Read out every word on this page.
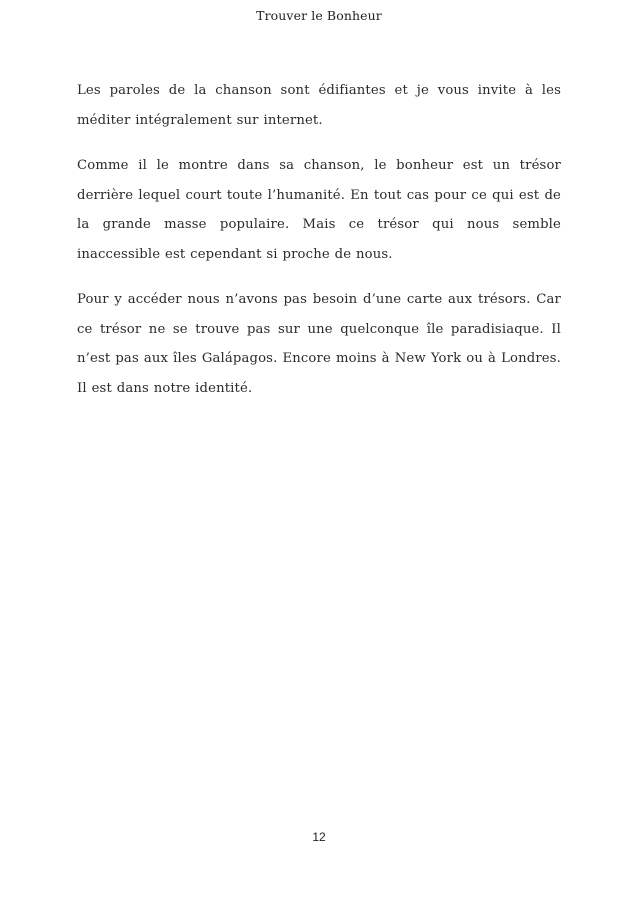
Trouver le Bonheur

Les paroles de la chanson sont édifiantes et je vous invite à les méditer intégralement sur internet.

Comme il le montre dans sa chanson, le bonheur est un trésor derrière lequel court toute l’humanité. En tout cas pour ce qui est de la grande masse populaire. Mais ce trésor qui nous semble inaccessible est cependant si proche de nous.

Pour y accéder nous n’avons pas besoin d’une carte aux trésors. Car ce trésor ne se trouve pas sur une quelconque île paradisiaque. Il n’est pas aux îles Galápagos. Encore moins à New York ou à Londres. Il est dans notre identité.

12
